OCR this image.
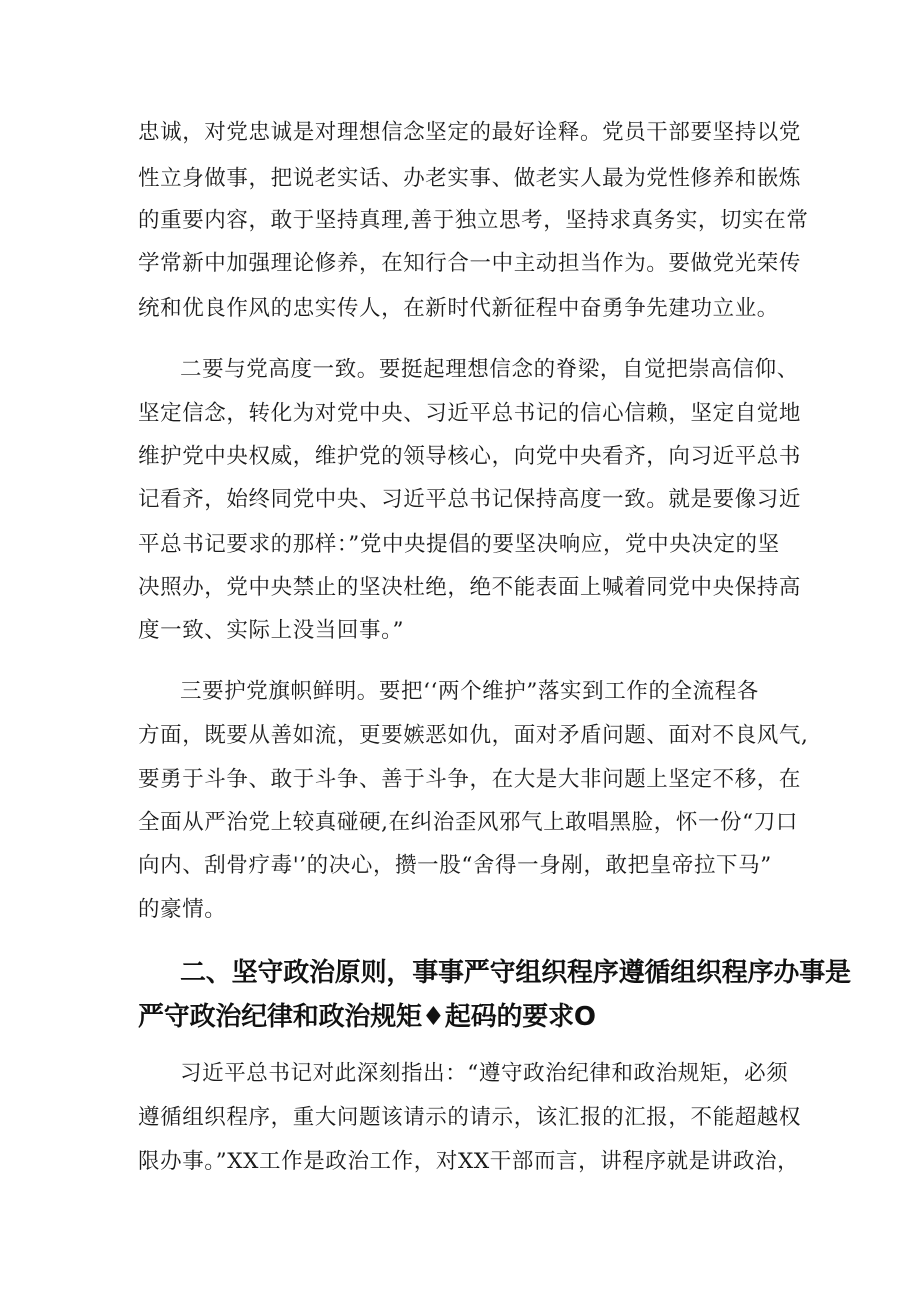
忠诚，对党忠诚是对理想信念坚定的最好诠释。党员干部要坚持以党
性立身做事，把说老实话、办老实事、做老实人最为党性修养和嵌炼
的重要内容，敢于坚持真理,善于独立思考，坚持求真务实，切实在常
学常新中加强理论修养，在知行合一中主动担当作为。要做党光荣传
统和优良作风的忠实传人，在新时代新征程中奋勇争先建功立业。
二要与党高度一致。要挺起理想信念的脊梁，自觉把崇高信仰、
坚定信念，转化为对党中央、习近平总书记的信心信赖，坚定自觉地
维护党中央权威，维护党的领导核心，向党中央看齐，向习近平总书
记看齐，始终同党中央、习近平总书记保持高度一致。就是要像习近
平总书记要求的那样：”党中央提倡的要坚决响应，党中央决定的坚
决照办，党中央禁止的坚决杜绝，绝不能表面上喊着同党中央保持高
度一致、实际上没当回事。”
三要护党旗帜鲜明。要把‘‘两个维护”落实到工作的全流程各
方面，既要从善如流，更要嫉恶如仇，面对矛盾问题、面对不良风气,
要勇于斗争、敢于斗争、善于斗争，在大是大非问题上坚定不移，在
全面从严治党上较真碰硬,在纠治歪风邪气上敢唱黑脸，怀一份“刀口
向内、刮骨疗毒'’的决心，攒一股“舍得一身剐，敢把皇帝拉下马”
的豪情。
二、坚守政治原则，事事严守组织程序遵循组织程序办事是
严守政治纪律和政治规矩♦起码的要求O
习近平总书记对此深刻指出：“遵守政治纪律和政治规矩，必须
遵循组织程序，重大问题该请示的请示，该汇报的汇报，不能超越权
限办事。”XX工作是政治工作，对XX干部而言，讲程序就是讲政治，
